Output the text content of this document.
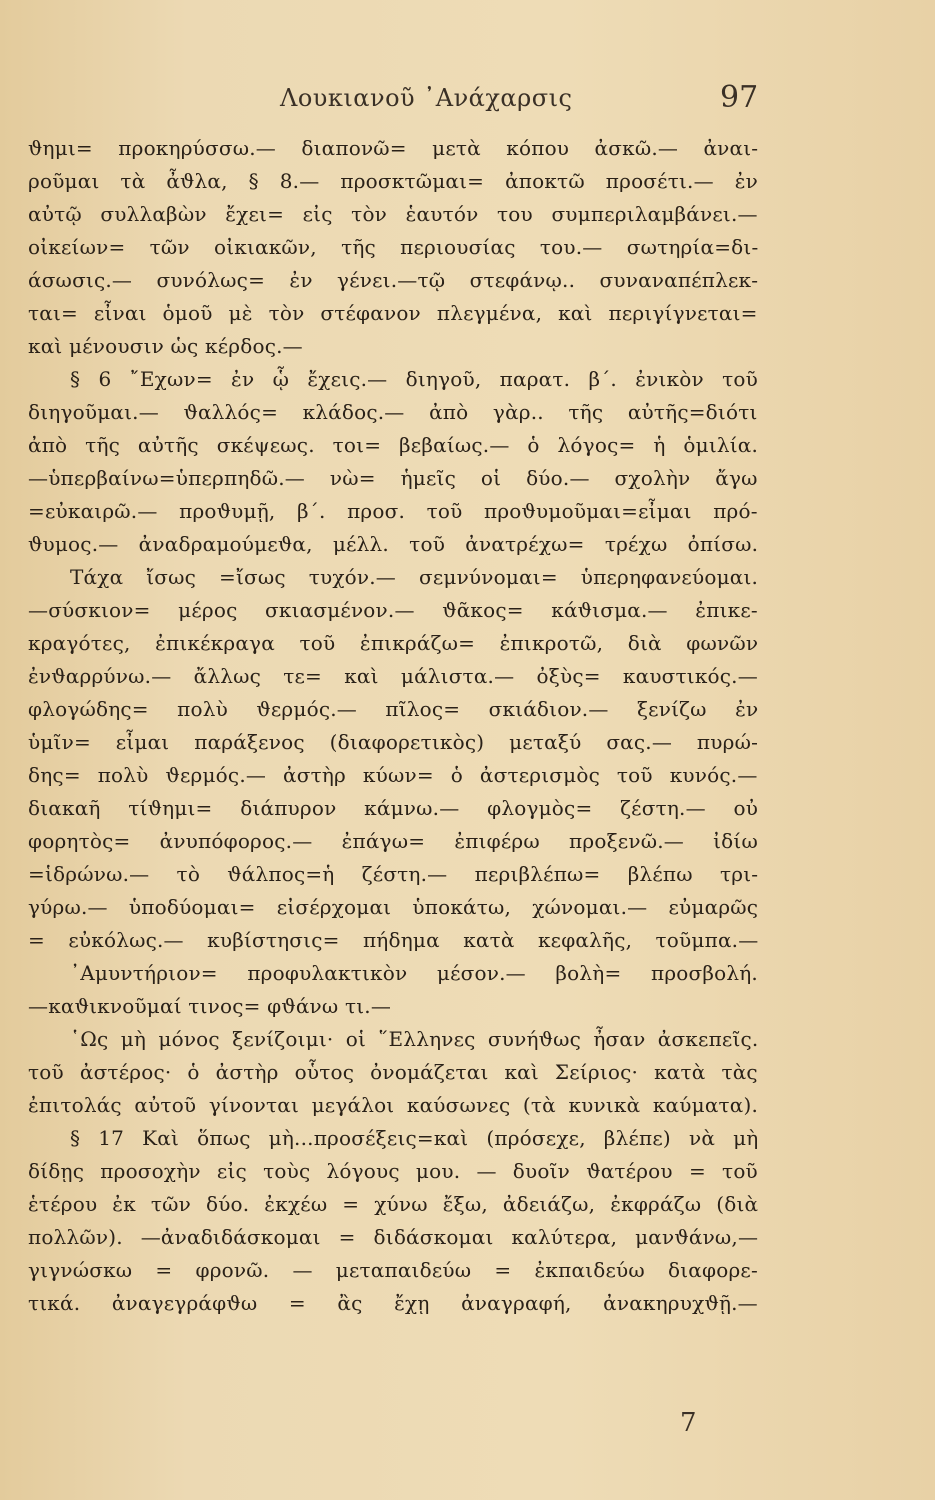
Λουκιανοῦ ᾿Ανάχαρσις	97
ϑημι= προκηρύσσω.— διαπονῶ= μετὰ κόπου ἀσκῶ.— ἀναι-
ροῦμαι τὰ ἆϑλα, § 8.— προσκτῶμαι= ἀποκτῶ προσέτι.— ἐν
αὐτῷ συλλαβὼν ἔχει= εἰς τὸν ἑαυτόν του συμπεριλαμβάνει.—
οἰκείων= τῶν οἰκιακῶν, τῆς περιουσίας του.— σωτηρία=δι-
άσωσις.— συνόλως= ἐν γένει.—τῷ στεφάνῳ.. συναναπέπλεκ-
ται= εἶναι ὁμοῦ μὲ τὸν στέφανον πλεγμένα, καὶ περιγίγνεται=
καὶ μένουσιν ὡς κέρδος.—
§ 6 ῎Εχων= ἐν ᾧ ἔχεις.— διηγοῦ, παρατ. β΄. ἐνικὸν τοῦ
διηγοῦμαι.— ϑαλλός= κλάδος.— ἀπὸ γὰρ.. τῆς αὐτῆς=διότι
ἀπὸ τῆς αὐτῆς σκέψεως. τοι= βεβαίως.— ὁ λόγος= ἡ ὁμιλία.
—ὑπερβαίνω=ὑπερπηδῶ.— νὼ= ἡμεῖς οἱ δύο.— σχολὴν ἄγω
=εὐκαιρῶ.— προϑυμῇ, β΄. προσ. τοῦ προϑυμοῦμαι=εἶμαι πρό-
ϑυμος.— ἀναδραμούμεϑα, μέλλ. τοῦ ἀνατρέχω= τρέχω ὀπίσω.
Τάχα ἴσως =ἴσως τυχόν.— σεμνύνομαι= ὑπερηφανεύομαι.
—σύσκιον= μέρος σκιασμένον.— ϑᾶκος= κάϑισμα.— ἐπικε-
κραγότες, ἐπικέκραγα τοῦ ἐπικράζω= ἐπικροτῶ, διὰ φωνῶν
ἐνϑαρρύνω.— ἄλλως τε= καὶ μάλιστα.— ὀξὺς= καυστικός.—
φλογώδης= πολὺ ϑερμός.— πῖλος= σκιάδιον.— ξενίζω ἐν
ὑμῖν= εἶμαι παράξενος (διαφορετικὸς) μεταξύ σας.— πυρώ-
δης= πολὺ ϑερμός.— ἀστὴρ κύων= ὁ ἀστερισμὸς τοῦ κυνός.—
διακαῆ τίϑημι= διάπυρον κάμνω.— φλογμὸς= ζέστη.— οὐ
φορητὸς= ἀνυπόφορος.— ἐπάγω= ἐπιφέρω προξενῶ.— ἰδίω
=ἱδρώνω.— τὸ ϑάλπος=ἡ ζέστη.— περιβλέπω= βλέπω τρι-
γύρω.— ὑποδύομαι= εἰσέρχομαι ὑποκάτω, χώνομαι.— εὐμαρῶς
= εὐκόλως.— κυβίστησις= πήδημα κατὰ κεφαλῆς, τοῦμπα.—
᾿Αμυντήριον= προφυλακτικὸν μέσον.— βολὴ= προσβολή.
—καϑικνοῦμαί τινος= φϑάνω τι.—
῾Ως μὴ μόνος ξενίζοιμι· οἱ ῞Ελληνες συνήϑως ἦσαν ἀσκεπεῖς.
τοῦ ἀστέρος· ὁ ἀστὴρ οὗτος ὀνομάζεται καὶ Σείριος· κατὰ τὰς
ἐπιτολάς αὐτοῦ γίνονται μεγάλοι καύσωνες (τὰ κυνικὰ καύματα).
§ 17 Καὶ ὅπως μὴ...προσέξεις=καὶ (πρόσεχε, βλέπε) νὰ μὴ
δίδῃς προσοχὴν εἰς τοὺς λόγους μου. — δυοῖν ϑατέρου = τοῦ
ἑτέρου ἐκ τῶν δύο. ἐκχέω = χύνω ἔξω, ἀδειάζω, ἐκφράζω (διὰ
πολλῶν). —ἀναδιδάσκομαι = διδάσκομαι καλύτερα, μανϑάνω,—
γιγνώσκω = φρονῶ. — μεταπαιδεύω = ἐκπαιδεύω διαφορε-
τικά. ἀναγεγράφϑω = ἂς ἔχῃ ἀναγραφή, ἀνακηρυχϑῇ.—
7
